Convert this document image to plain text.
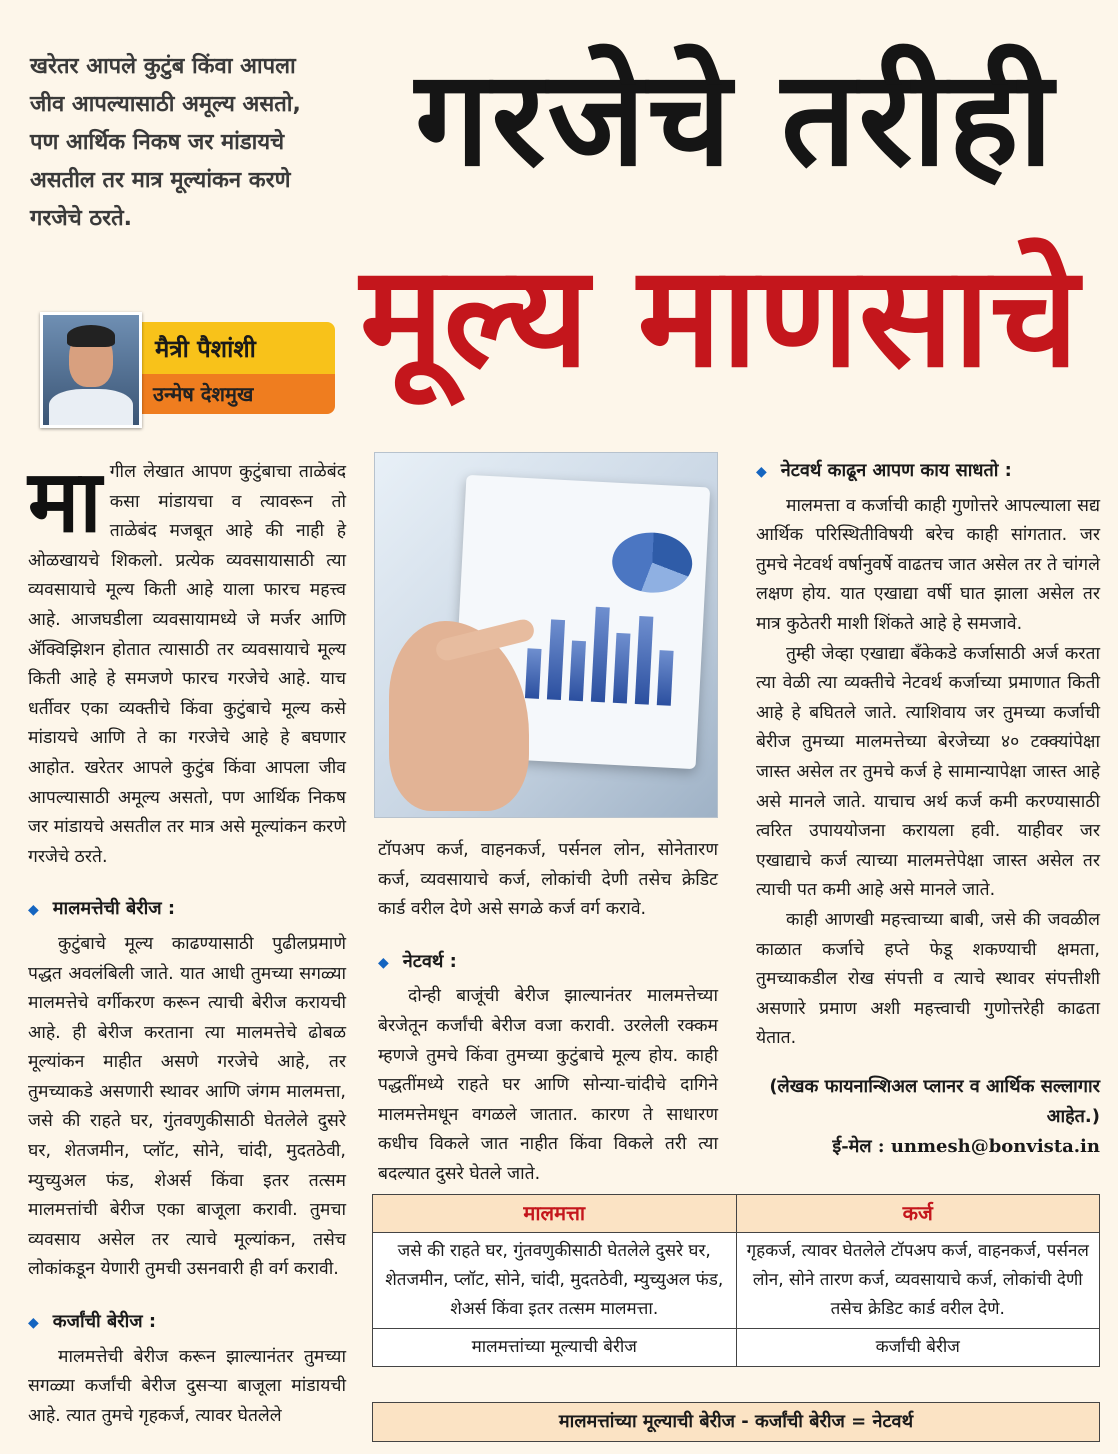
खरेतर आपले कुटुंब किंवा आपला जीव आपल्यासाठी अमूल्य असतो, पण आर्थिक निकष जर मांडायचे असतील तर मात्र मूल्यांकन करणे गरजेचे ठरते.
गरजेचे तरीही
मूल्य माणसाचे
मैत्री पैशांशी
उन्मेष देशमुख
मा गील लेखात आपण कुटुंबाचा ताळेबंद कसा मांडायचा व त्यावरून तो ताळेबंद मजबूत आहे की नाही हे ओळखायचे शिकलो. प्रत्येक व्यवसायासाठी त्या व्यवसायाचे मूल्य किती आहे याला फारच महत्त्व आहे. आजघडीला व्यवसायामध्ये जे मर्जर आणि ॲक्विझिशन होतात त्यासाठी तर व्यवसायाचे मूल्य किती आहे हे समजणे फारच गरजेचे आहे. याच धर्तीवर एका व्यक्तीचे किंवा कुटुंबाचे मूल्य कसे मांडायचे आणि ते का गरजेचे आहे हे बघणार आहोत. खरेतर आपले कुटुंब किंवा आपला जीव आपल्यासाठी अमूल्य असतो, पण आर्थिक निकष जर मांडायचे असतील तर मात्र असे मूल्यांकन करणे गरजेचे ठरते.
◆ मालमत्तेची बेरीज :
कुटुंबाचे मूल्य काढण्यासाठी पुढीलप्रमाणे पद्धत अवलंबिली जाते. यात आधी तुमच्या सगळ्या मालमत्तेचे वर्गीकरण करून त्याची बेरीज करायची आहे. ही बेरीज करताना त्या मालमत्तेचे ढोबळ मूल्यांकन माहीत असणे गरजेचे आहे, तर तुमच्याकडे असणारी स्थावर आणि जंगम मालमत्ता, जसे की राहते घर, गुंतवणुकीसाठी घेतलेले दुसरे घर, शेतजमीन, प्लॉट, सोने, चांदी, मुदतठेवी, म्युच्युअल फंड, शेअर्स किंवा इतर तत्सम मालमत्तांची बेरीज एका बाजूला करावी. तुमचा व्यवसाय असेल तर त्याचे मूल्यांकन, तसेच लोकांकडून येणारी तुमची उसनवारी ही वर्ग करावी.
◆ कर्जांची बेरीज :
मालमत्तेची बेरीज करून झाल्यानंतर तुमच्या सगळ्या कर्जांची बेरीज दुसऱ्या बाजूला मांडायची आहे. त्यात तुमचे गृहकर्ज, त्यावर घेतलेले
टॉपअप कर्ज, वाहनकर्ज, पर्सनल लोन, सोनेतारण कर्ज, व्यवसायाचे कर्ज, लोकांची देणी तसेच क्रेडिट कार्ड वरील देणे असे सगळे कर्ज वर्ग करावे.
◆ नेटवर्थ :
दोन्ही बाजूंची बेरीज झाल्यानंतर मालमत्तेच्या बेरजेतून कर्जांची बेरीज वजा करावी. उरलेली रक्कम म्हणजे तुमचे किंवा तुमच्या कुटुंबाचे मूल्य होय. काही पद्धतींमध्ये राहते घर आणि सोन्या-चांदीचे दागिने मालमत्तेमधून वगळले जातात. कारण ते साधारण कधीच विकले जात नाहीत किंवा विकले तरी त्या बदल्यात दुसरे घेतले जाते.
◆ नेटवर्थ काढून आपण काय साधतो :
मालमत्ता व कर्जाची काही गुणोत्तरे आपल्याला सद्य आर्थिक परिस्थितीविषयी बरेच काही सांगतात. जर तुमचे नेटवर्थ वर्षानुवर्षे वाढतच जात असेल तर ते चांगले लक्षण होय. यात एखाद्या वर्षी घात झाला असेल तर मात्र कुठेतरी माशी शिंकते आहे हे समजावे.
तुम्ही जेव्हा एखाद्या बँकेकडे कर्जासाठी अर्ज करता त्या वेळी त्या व्यक्तीचे नेटवर्थ कर्जाच्या प्रमाणात किती आहे हे बघितले जाते. त्याशिवाय जर तुमच्या कर्जाची बेरीज तुमच्या मालमत्तेच्या बेरजेच्या ४० टक्क्यांपेक्षा जास्त असेल तर तुमचे कर्ज हे सामान्यापेक्षा जास्त आहे असे मानले जाते. याचाच अर्थ कर्ज कमी करण्यासाठी त्वरित उपाययोजना करायला हवी. याहीवर जर एखाद्याचे कर्ज त्याच्या मालमत्तेपेक्षा जास्त असेल तर त्याची पत कमी आहे असे मानले जाते.
काही आणखी महत्त्वाच्या बाबी, जसे की जवळील काळात कर्जाचे हप्ते फेडू शकण्याची क्षमता, तुमच्याकडील रोख संपत्ती व त्याचे स्थावर संपत्तीशी असणारे प्रमाण अशी महत्त्वाची गुणोत्तरेही काढता येतात.
(लेखक फायनान्शिअल प्लानर व आर्थिक सल्लागार आहेत.)
ई-मेल : unmesh@bonvista.in
मालमत्ता	कर्ज
जसे की राहते घर, गुंतवणुकीसाठी घेतलेले दुसरे घर, शेतजमीन, प्लॉट, सोने, चांदी, मुदतठेवी, म्युच्युअल फंड, शेअर्स किंवा इतर तत्सम मालमत्ता.	गृहकर्ज, त्यावर घेतलेले टॉपअप कर्ज, वाहनकर्ज, पर्सनल लोन, सोने तारण कर्ज, व्यवसायाचे कर्ज, लोकांची देणी तसेच क्रेडिट कार्ड वरील देणे.
मालमत्तांच्या मूल्याची बेरीज	कर्जांची बेरीज
मालमत्तांच्या मूल्याची बेरीज - कर्जांची बेरीज = नेटवर्थ
